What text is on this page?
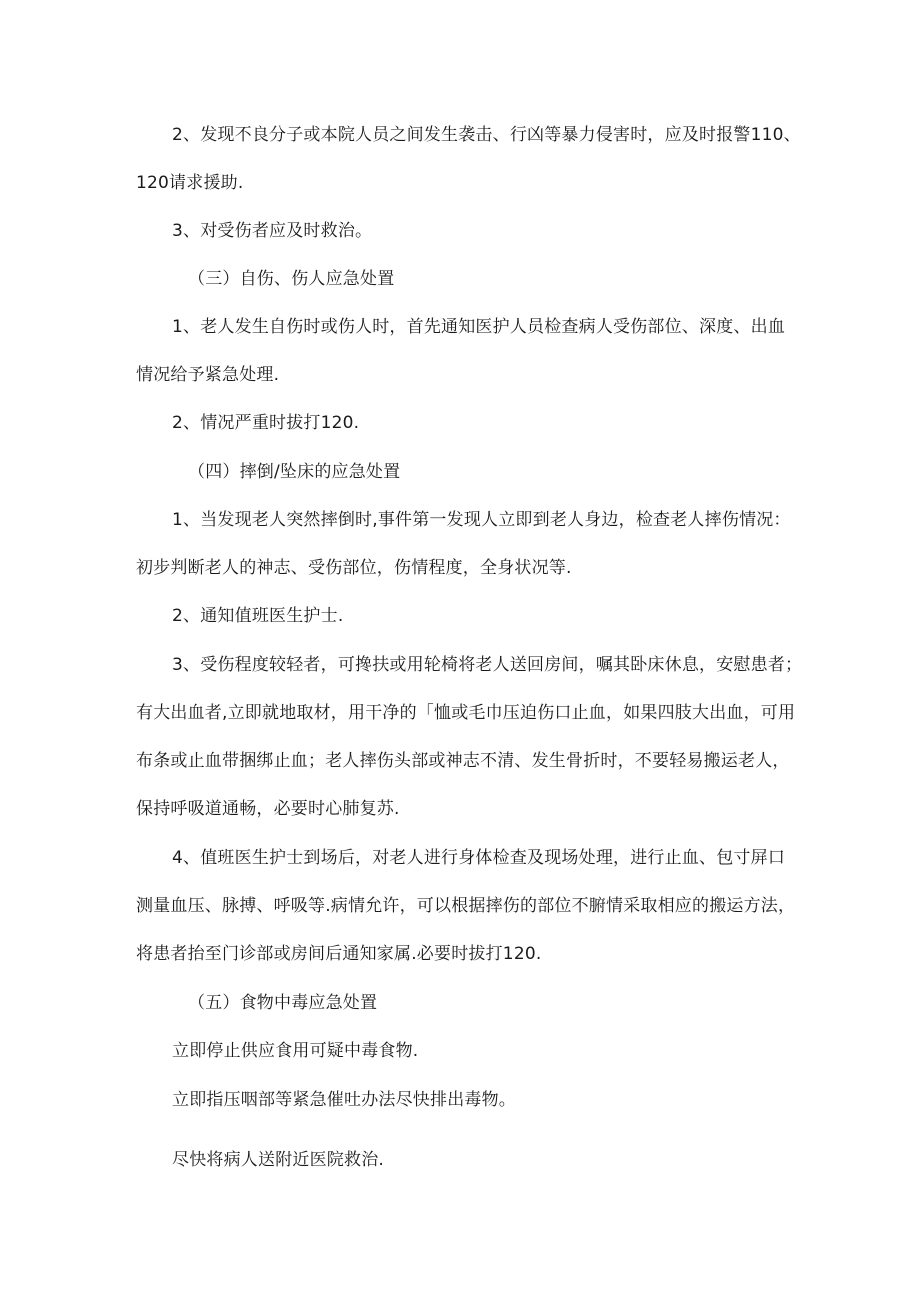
2、发现不良分子或本院人员之间发生袭击、行凶等暴力侵害时，应及时报警110、
120请求援助.
3、对受伤者应及时救治。
（三）自伤、伤人应急处置
1、老人发生自伤时或伤人时，首先通知医护人员检查病人受伤部位、深度、出血
情况给予紧急处理.
2、情况严重时拔打120.
（四）摔倒/坠床的应急处置
1、当发现老人突然摔倒时,事件第一发现人立即到老人身边，检查老人摔伤情况：
初步判断老人的神志、受伤部位，伤情程度，全身状况等.
2、通知值班医生护士.
3、受伤程度较轻者，可搀扶或用轮椅将老人送回房间，嘱其卧床休息，安慰患者；
有大出血者,立即就地取材，用干净的「恤或毛巾压迫伤口止血，如果四肢大出血，可用
布条或止血带捆绑止血；老人摔伤头部或神志不清、发生骨折时，不要轻易搬运老人，
保持呼吸道通畅，必要时心肺复苏.
4、值班医生护士到场后，对老人进行身体检查及现场处理，进行止血、包寸屏口
测量血压、脉搏、呼吸等.病情允许，可以根据摔伤的部位不腑情采取相应的搬运方法，
将患者抬至门诊部或房间后通知家属.必要时拔打120.
（五）食物中毒应急处置
立即停止供应食用可疑中毒食物.
立即指压咽部等紧急催吐办法尽快排出毒物。
尽快将病人送附近医院救治.
